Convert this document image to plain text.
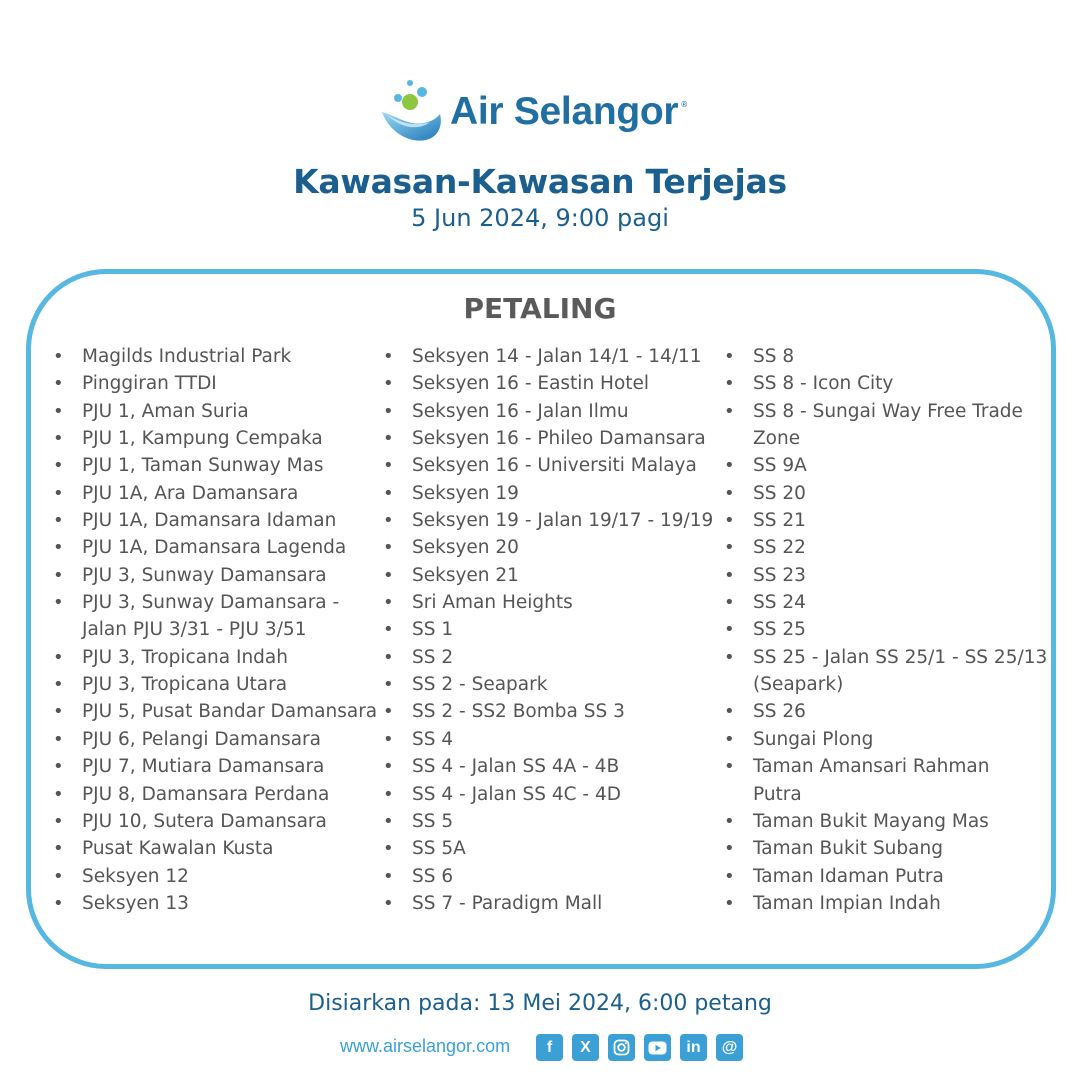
Air Selangor ®
Kawasan-Kawasan Terjejas
5 Jun 2024, 9:00 pagi
PETALING
• Magilds Industrial Park
• Pinggiran TTDI
• PJU 1, Aman Suria
• PJU 1, Kampung Cempaka
• PJU 1, Taman Sunway Mas
• PJU 1A, Ara Damansara
• PJU 1A, Damansara Idaman
• PJU 1A, Damansara Lagenda
• PJU 3, Sunway Damansara
• PJU 3, Sunway Damansara -
Jalan PJU 3/31 - PJU 3/51
• PJU 3, Tropicana Indah
• PJU 3, Tropicana Utara
• PJU 5, Pusat Bandar Damansara
• PJU 6, Pelangi Damansara
• PJU 7, Mutiara Damansara
• PJU 8, Damansara Perdana
• PJU 10, Sutera Damansara
• Pusat Kawalan Kusta
• Seksyen 12
• Seksyen 13
• Seksyen 14 - Jalan 14/1 - 14/11
• Seksyen 16 - Eastin Hotel
• Seksyen 16 - Jalan Ilmu
• Seksyen 16 - Phileo Damansara
• Seksyen 16 - Universiti Malaya
• Seksyen 19
• Seksyen 19 - Jalan 19/17 - 19/19
• Seksyen 20
• Seksyen 21
• Sri Aman Heights
• SS 1
• SS 2
• SS 2 - Seapark
• SS 2 - SS2 Bomba SS 3
• SS 4
• SS 4 - Jalan SS 4A - 4B
• SS 4 - Jalan SS 4C - 4D
• SS 5
• SS 5A
• SS 6
• SS 7 - Paradigm Mall
• SS 8
• SS 8 - Icon City
• SS 8 - Sungai Way Free Trade
Zone
• SS 9A
• SS 20
• SS 21
• SS 22
• SS 23
• SS 24
• SS 25
• SS 25 - Jalan SS 25/1 - SS 25/13
(Seapark)
• SS 26
• Sungai Plong
• Taman Amansari Rahman
Putra
• Taman Bukit Mayang Mas
• Taman Bukit Subang
• Taman Idaman Putra
• Taman Impian Indah
Disiarkan pada: 13 Mei 2024, 6:00 petang
www.airselangor.com f X	in @
